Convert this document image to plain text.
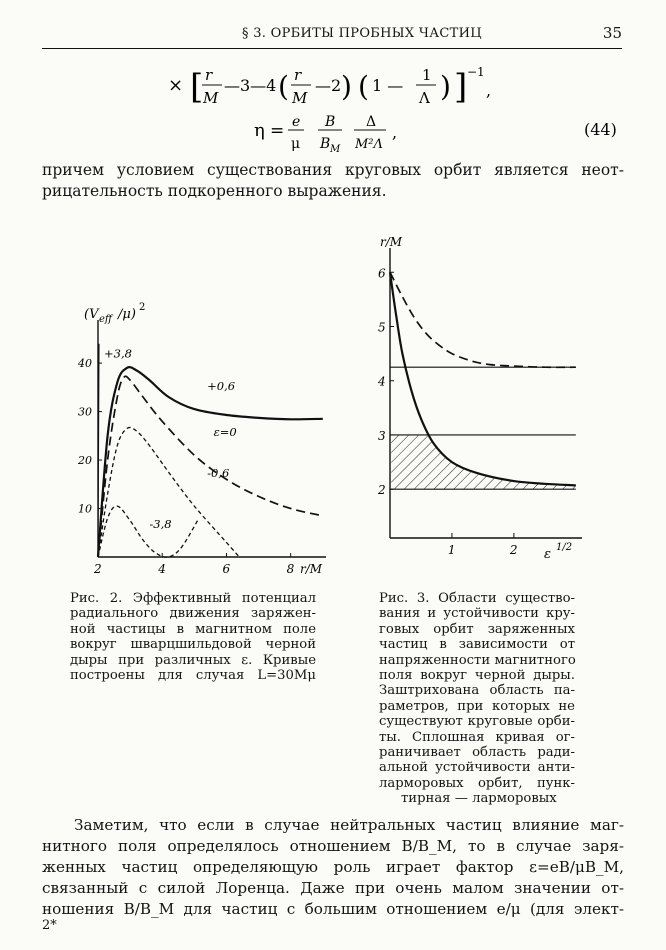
§ 3. ОРБИТЫ ПРОБНЫХ ЧАСТИЦ	35
× [ r
M
—3—4 ( r
M
—2 ) ( 1 —
1
Λ ) ] −1
,
η = e
μ
B
B M
Δ
M²Λ
,	(44)
причем условием существования круговых орбит является неот-
рицательность подкоренного выражения.
(V eff /μ) 2
r/M
2	4	6	8
10
20
30
40
+3,8
+0,6
ε=0
-0,6
-3,8
Рис. 2. Эффективный потенциал
радиального движения заряжен-
ной частицы в магнитном поле
вокруг шварцшильдовой черной
дыры при различных ε. Кривые
построены для случая L=30Mμ
r/M
ε 1/2
1	2
2
3
4
5
6
Рис. 3. Области существо-
вания и устойчивости кру-
говых орбит заряженных
частиц в зависимости от
напряженности магнитного
поля вокруг черной дыры.
Заштрихована область па-
раметров, при которых не
существуют круговые орби-
ты. Сплошная кривая ог-
раничивает область ради-
альной устойчивости анти-
ларморовых орбит, пунк-
тирная — ларморовых
Заметим, что если в случае нейтральных частиц влияние маг-
нитного поля определялось отношением B/B_M, то в случае заря-
женных частиц определяющую роль играет фактор ε=eB/μB_M,
связанный с силой Лоренца. Даже при очень малом значении от-
ношения B/B_M для частиц с большим отношением e/μ (для элект-
2*
